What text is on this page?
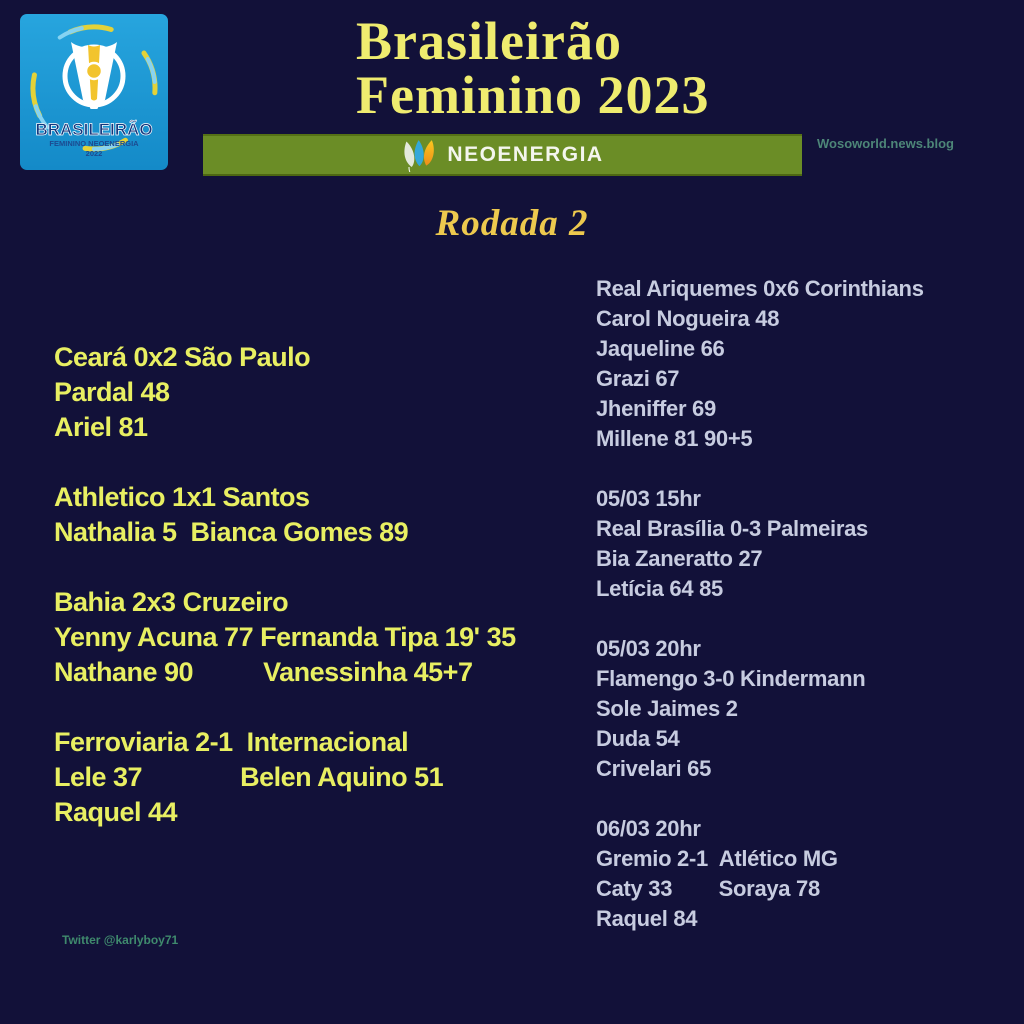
BRASILEIRÃO
FEMININO NEOENERGIA
2022
Brasileirão
Feminino 2023
NEOENERGIA	Wosoworld.news.blog
Rodada 2
Ceará 0x2 São Paulo
Pardal 48
Ariel 81
Athletico 1x1 Santos
Nathalia 5  Bianca Gomes 89
Bahia 2x3 Cruzeiro
Yenny Acuna 77 Fernanda Tipa 19' 35
Nathane 90          Vanessinha 45+7
Ferroviaria 2-1  Internacional
Lele 37              Belen Aquino 51
Raquel 44
Real Ariquemes 0x6 Corinthians
Carol Nogueira 48
Jaqueline 66
Grazi 67
Jheniffer 69
Millene 81 90+5
05/03 15hr
Real Brasília 0-3 Palmeiras
Bia Zaneratto 27
Letícia 64 85
05/03 20hr
Flamengo 3-0 Kindermann
Sole Jaimes 2
Duda 54
Crivelari 65
06/03 20hr
Gremio 2-1  Atlético MG
Caty 33        Soraya 78
Raquel 84
Twitter @karlyboy71
